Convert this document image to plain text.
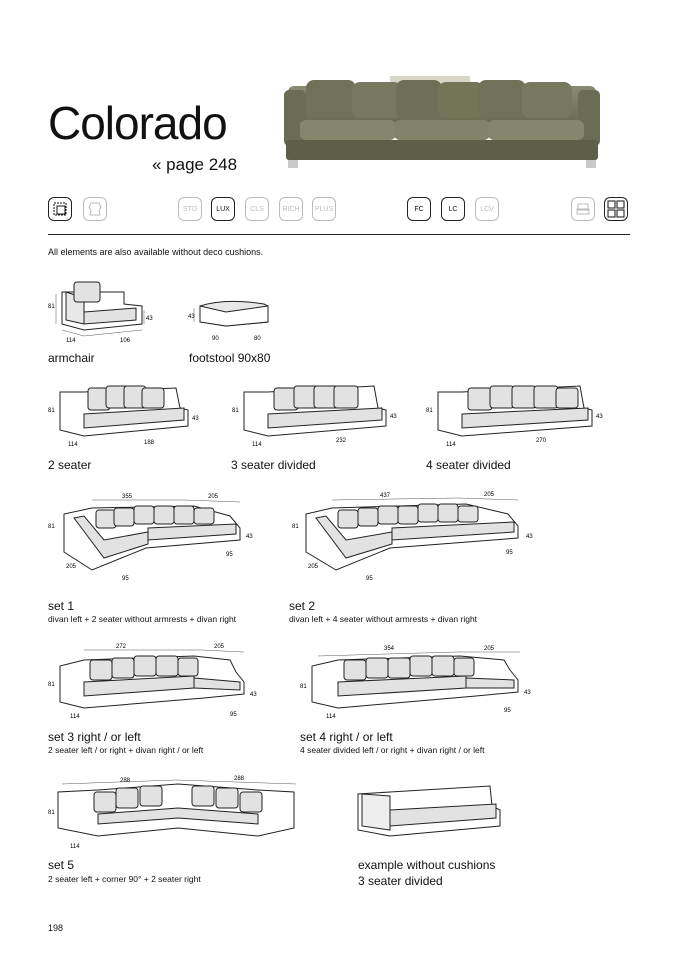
Colorado
« page 248
STD	LUX	CLS	RICH	PLUS	FC	LC	LCV
All elements are also available without deco cushions.
81
43
114	106
armchair
43
90	80
footstool 90x80
81
43
114	188
2 seater
81
43
114
232
3 seater divided
81
43
114
270
4 seater divided
355	205
81
43
205
95
95
set 1
divan left + 2 seater without armrests + divan right
437	205
81
43
205
95
95
set 2
divan left + 4 seater without armrests + divan right
272	205
81
43
114	95
set 3 right / or left
2 seater left / or right + divan right / or left
354	205
81
43
114
95
set 4 right / or left
4 seater divided left / or right + divan right / or left
288	288
81
114
set 5
2 seater left + corner 90° + 2 seater right
example without cushions
3 seater divided
198
